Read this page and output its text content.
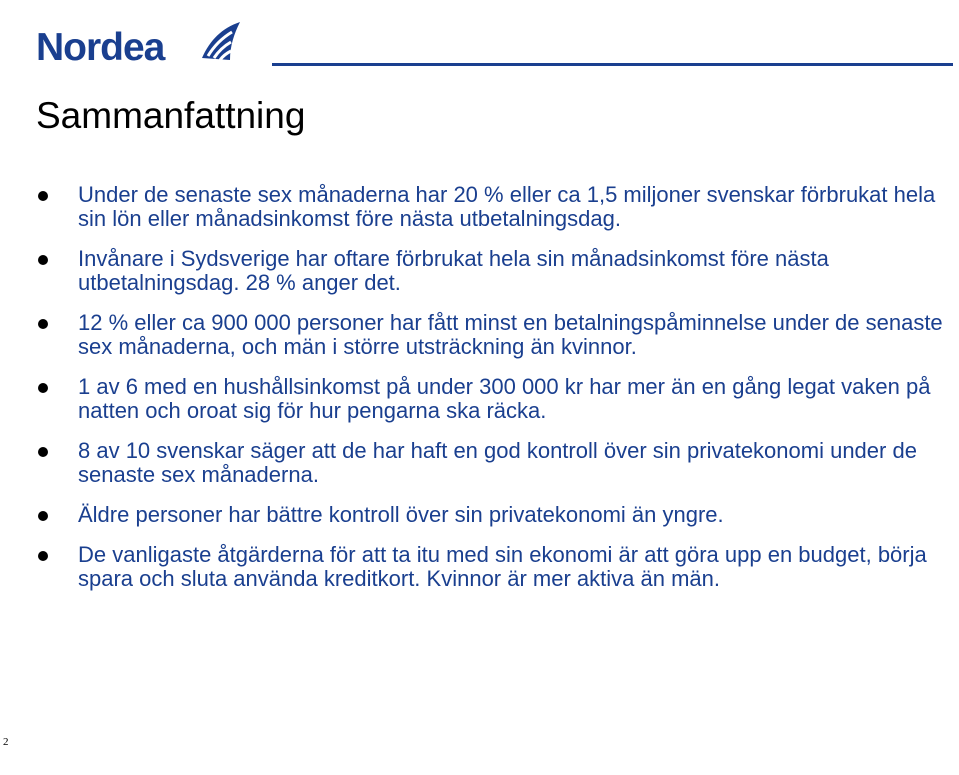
Nordea
Sammanfattning
Under de senaste sex månaderna har 20 % eller ca 1,5 miljoner svenskar förbrukat hela sin lön eller månadsinkomst före nästa utbetalningsdag.
Invånare i Sydsverige har oftare förbrukat hela sin månadsinkomst före nästa utbetalningsdag. 28 % anger det.
12 % eller ca 900 000 personer har fått minst en betalningspåminnelse under de senaste sex månaderna, och män i större utsträckning än kvinnor.
1 av 6 med en hushållsinkomst på under 300 000 kr har mer än en gång legat vaken på natten och oroat sig för hur pengarna ska räcka.
8 av 10 svenskar säger att de har haft en god kontroll över sin privatekonomi under de senaste sex månaderna.
Äldre personer har bättre kontroll över sin privatekonomi än yngre.
De vanligaste åtgärderna för att ta itu med sin ekonomi är att göra upp en budget, börja spara och sluta använda kreditkort. Kvinnor är mer aktiva än män.
2
